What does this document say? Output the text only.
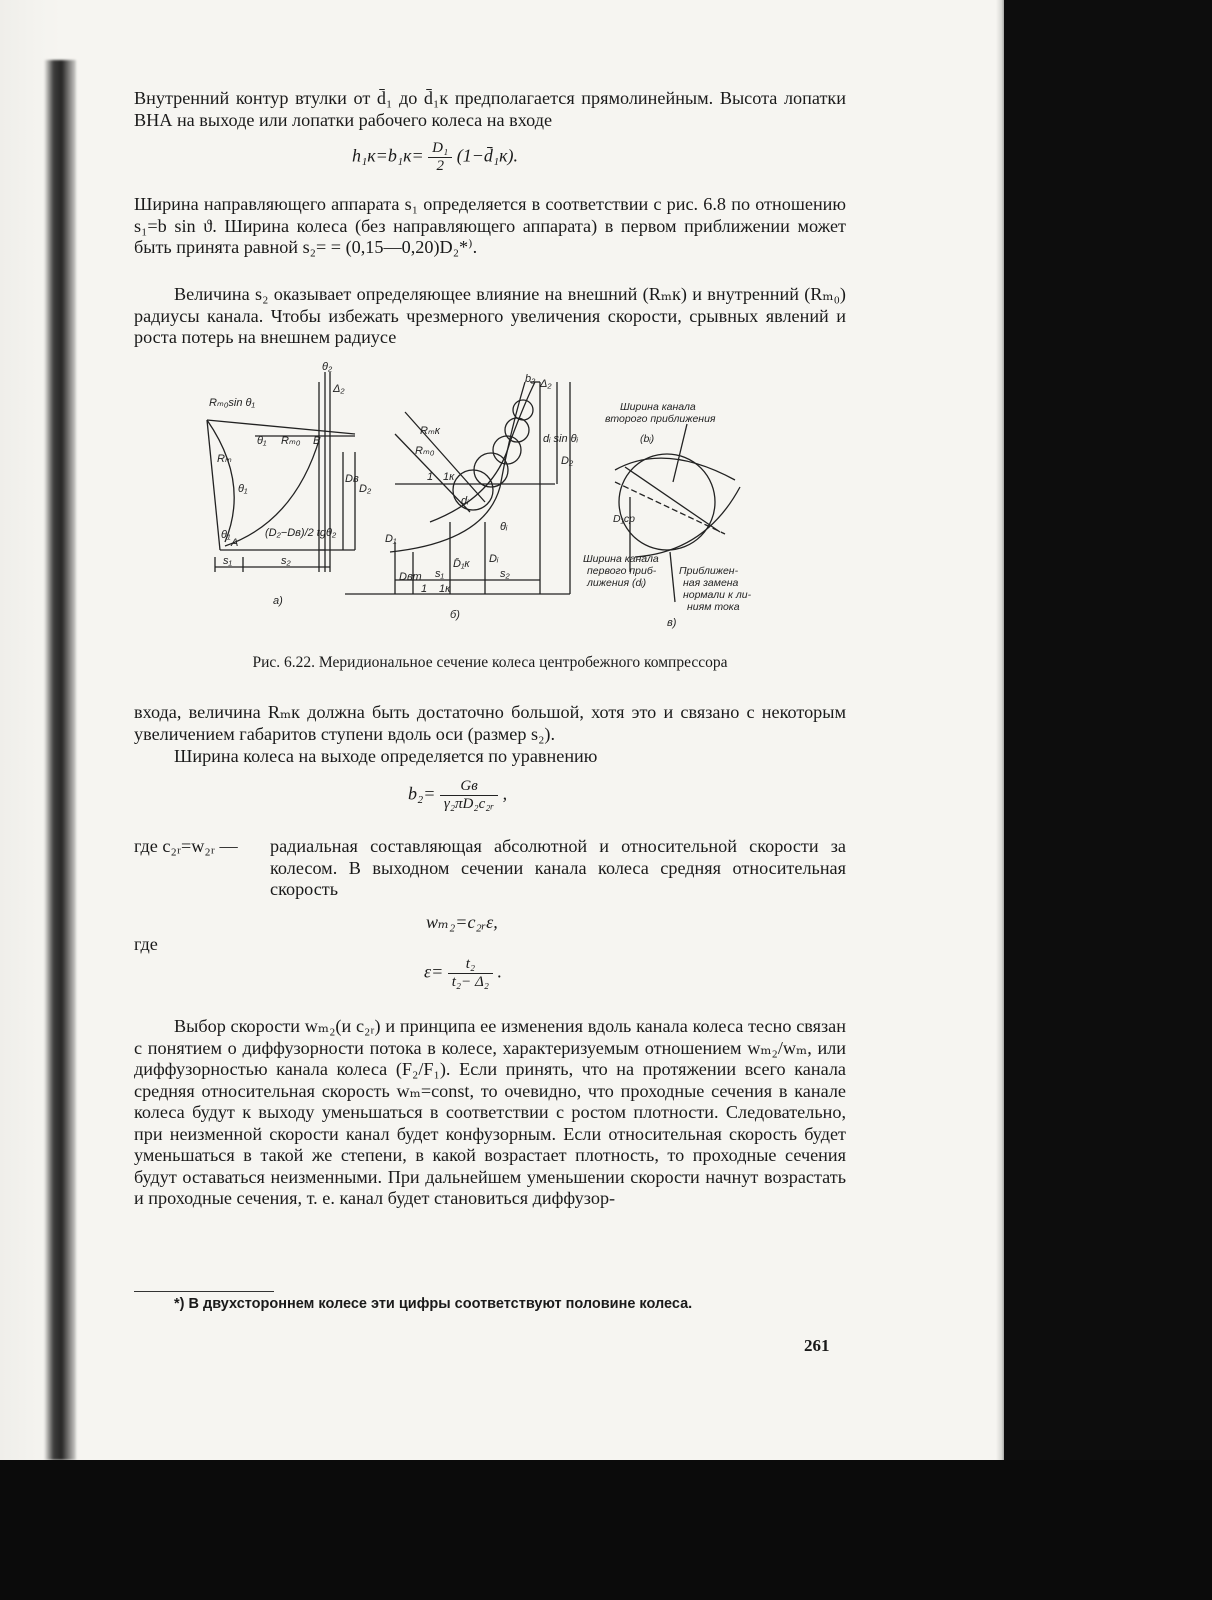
Внутренний контур втулки от d̄₁ до d̄₁к предполагается прямолинейным. Высота лопатки ВНА на выходе или лопатки рабочего колеса на входе
$h_1к=b_1к= \frac{\text{D₁}}{2}$ (1−d̄₁к).
Ширина направляющего аппарата s₁ определяется в соответствии с рис. 6.8 по отношению s₁=b sin ϑ. Ширина колеса (без направляющего аппарата) в первом приближении может быть принята равной s₂= = (0,15—0,20)D₂*⁾.
Величина s₂ оказывает определяющее влияние на внешний (Rₘк) и внутренний (Rₘ₀) радиусы канала. Чтобы избежать чрезмерного увеличения скорости, срывных явлений и роста потерь на внешнем радиусе
Rₘ₀sin θ₁
θ₂
Δ₂
θ₁ Rₘ₀ B
Rₘ
θ₁	D₂
Dв
θ₁
A
(D₂−Dв)/2 tgθ₂
s₁	s₂
а)
b₂ Δ₂
Rₘк
Rₘ₀
dᵢ sin θᵢ
D₂
1к
dᵢ
θᵢ
1
D₁
Dвт
Dᵢ
s₁	s₂
1 1к
D̄₁к
б)
Ширина канала второго приближения
(bᵢ)
D₁ср
Ширина канала первого приб- лижения (dᵢ)
Приближен- ная замена нормали к ли- ниям тока
в)
Рис. 6.22. Меридиональное сечение колеса центробежного компрессора
входа, величина Rₘк должна быть достаточно большой, хотя это и связано с некоторым увеличением габаритов ступени вдоль оси (размер s₂).
Ширина колеса на выходе определяется по уравнению
$b_2= \frac{Gв}{\text{γ₂πD₂c₂ᵣ}}$ ,
где c₂ᵣ=w₂ᵣ —	радиальная составляющая абсолютной и относительной скорости за колесом. В выходном сечении канала колеса средняя относительная скорость
wₘ₂=c₂ᵣε,
где
$\varepsilon= \frac{\text{t₂}}{\text{t₂− Δ₂}}$ .
Выбор скорости wₘ₂(и c₂ᵣ) и принципа ее изменения вдоль канала колеса тесно связан с понятием о диффузорности потока в колесе, характеризуемым отношением wₘ₂/wₘ, или диффузорностью канала колеса (F₂/F₁). Если принять, что на протяжении всего канала средняя относительная скорость wₘ=const, то очевидно, что проходные сечения в канале колеса будут к выходу уменьшаться в соответствии с ростом плотности. Следовательно, при неизменной скорости канал будет конфузорным. Если относительная скорость будет уменьшаться в такой же степени, в какой возрастает плотность, то проходные сечения будут оставаться неизменными. При дальнейшем уменьшении скорости начнут возрастать и проходные сечения, т. е. канал будет становиться диффузор-
*) В двухстороннем колесе эти цифры соответствуют половине колеса.
261
